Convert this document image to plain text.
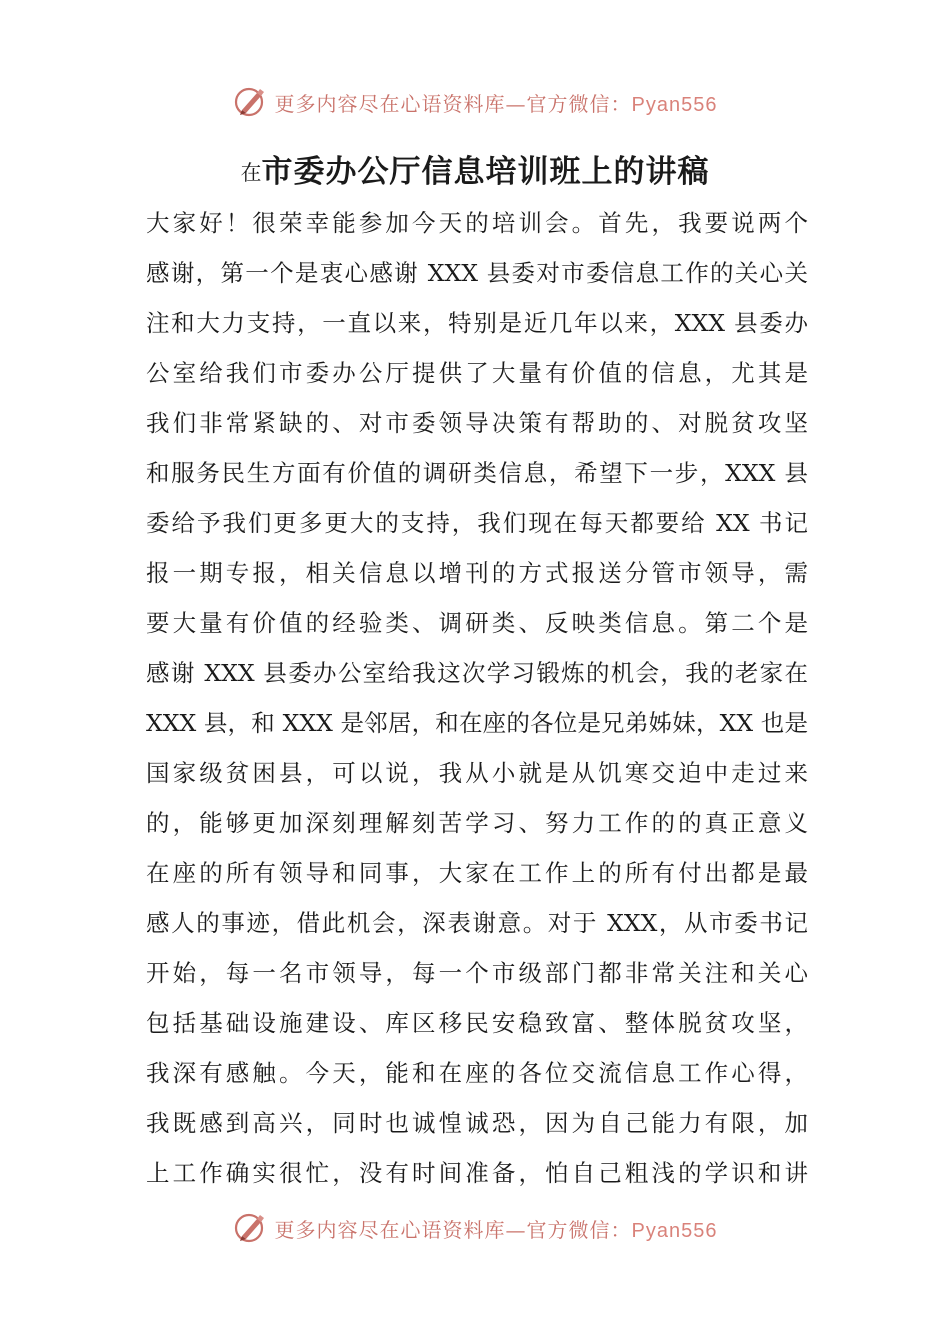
更多内容尽在心语资料库—官方微信：Pyan556
在市委办公厅信息培训班上的讲稿
大家好！很荣幸能参加今天的培训会。首先，我要说两个
感谢，第一个是衷心感谢 XXX 县委对市委信息工作的关心关
注和大力支持，一直以来，特别是近几年以来，XXX 县委办
公室给我们市委办公厅提供了大量有价值的信息，尤其是
我们非常紧缺的、对市委领导决策有帮助的、对脱贫攻坚
和服务民生方面有价值的调研类信息，希望下一步，XXX 县
委给予我们更多更大的支持，我们现在每天都要给 XX 书记
报一期专报，相关信息以增刊的方式报送分管市领导，需
要大量有价值的经验类、调研类、反映类信息。第二个是
感谢 XXX 县委办公室给我这次学习锻炼的机会，我的老家在
XXX 县，和 XXX 是邻居，和在座的各位是兄弟姊妹，XX 也是
国家级贫困县，可以说，我从小就是从饥寒交迫中走过来
的，能够更加深刻理解刻苦学习、努力工作的的真正意义
在座的所有领导和同事，大家在工作上的所有付出都是最
感人的事迹，借此机会，深表谢意。对于 XXX，从市委书记
开始，每一名市领导，每一个市级部门都非常关注和关心
包括基础设施建设、库区移民安稳致富、整体脱贫攻坚，
我深有感触。今天，能和在座的各位交流信息工作心得，
我既感到高兴，同时也诚惶诚恐，因为自己能力有限，加
上工作确实很忙，没有时间准备，怕自己粗浅的学识和讲
更多内容尽在心语资料库—官方微信：Pyan556
